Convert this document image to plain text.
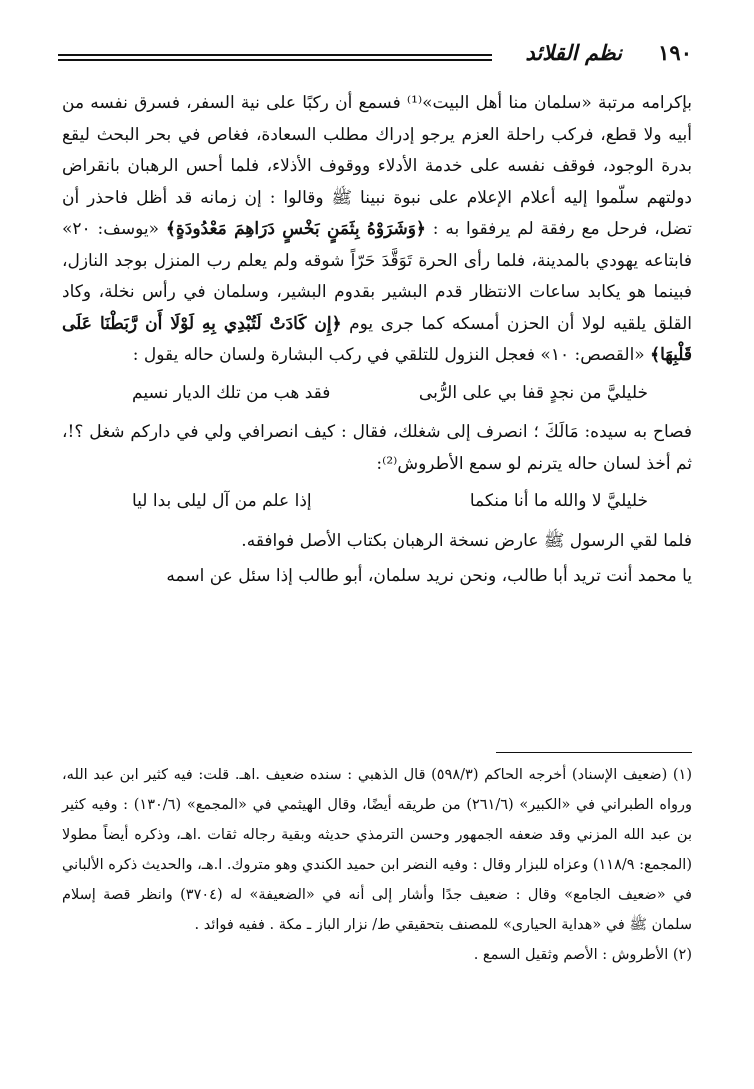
نظم القلائد ١٩٠

بإكرامه مرتبة «سلمان منا أهل البيت»⁽¹⁾ فسمع أن ركبًا على نية السفر، فسرق نفسه من أبيه ولا قطع، فركب راحلة العزم يرجو إدراك مطلب السعادة، فغاص في بحر البحث ليقع بدرة الوجود، فوقف نفسه على خدمة الأدلاء ووقوف الأذلاء، فلما أحس الرهبان بانقراض دولتهم سلّموا إليه أعلام الإعلام على نبوة نبينا ﷺ وقالوا : إن زمانه قد أظل فاحذر أن تضل، فرحل مع رفقة لم يرفقوا به : ﴿وَشَرَوْهُ بِثَمَنٍ بَخْسٍ دَرَاهِمَ مَعْدُودَةٍ﴾ «يوسف: ٢٠» فابتاعه يهودي بالمدينة، فلما رأى الحرة تَوَقَّدَ حَرّاً شوقه ولم يعلم رب المنزل بوجد النازل، فبينما هو يكابد ساعات الانتظار قدم البشير بقدوم البشير، وسلمان في رأس نخلة، وكاد القلق يلقيه لولا أن الحزن أمسكه كما جرى يوم ﴿إِن كَادَتْ لَتُبْدِي بِهِ لَوْلَا أَن رَّبَطْنَا عَلَى قَلْبِهَا﴾ «القصص: ١٠» فعجل النزول للتلقي في ركب البشارة ولسان حاله يقول :

خليليَّ من نجدٍ قفا بي على الرُّبى
فقد هب من تلك الديار نسيم

فصاح به سيده: مَالَكَ ؛ انصرف إلى شغلك، فقال : كيف انصرافي ولي في داركم شغل ؟!، ثم أخذ لسان حاله يترنم لو سمع الأطروش⁽²⁾:

خليليَّ لا والله ما أنا منكما
إذا علم من آل ليلى بدا ليا

فلما لقي الرسول ﷺ عارض نسخة الرهبان بكتاب الأصل فوافقه.

يا محمد أنت تريد أبا طالب، ونحن نريد سلمان، أبو طالب إذا سئل عن اسمه

(١) (ضعيف الإسناد) أخرجه الحاكم (٥٩٨/٣) قال الذهبي : سنده ضعيف .اهـ. قلت: فيه كثير ابن عبد الله، ورواه الطبراني في «الكبير» (٢٦١/٦) من طريقه أيضًا، وقال الهيثمي في «المجمع» (١٣٠/٦) : وفيه كثير بن عبد الله المزني وقد ضعفه الجمهور وحسن الترمذي حديثه وبقية رجاله ثقات .اهـ، وذكره أيضاً مطولا (المجمع: ١١٨/٩) وعزاه للبزار وقال : وفيه النضر ابن حميد الكندي وهو متروك. ا.هـ، والحديث ذكره الألباني في «ضعيف الجامع» وقال : ضعيف جدًا وأشار إلى أنه في «الضعيفة» له (٣٧٠٤) وانظر قصة إسلام سلمان ﷺ في «هداية الحيارى» للمصنف بتحقيقي ط/ نزار الباز ـ مكة . ففيه فوائد .

(٢) الأطروش : الأصم وثقيل السمع .
